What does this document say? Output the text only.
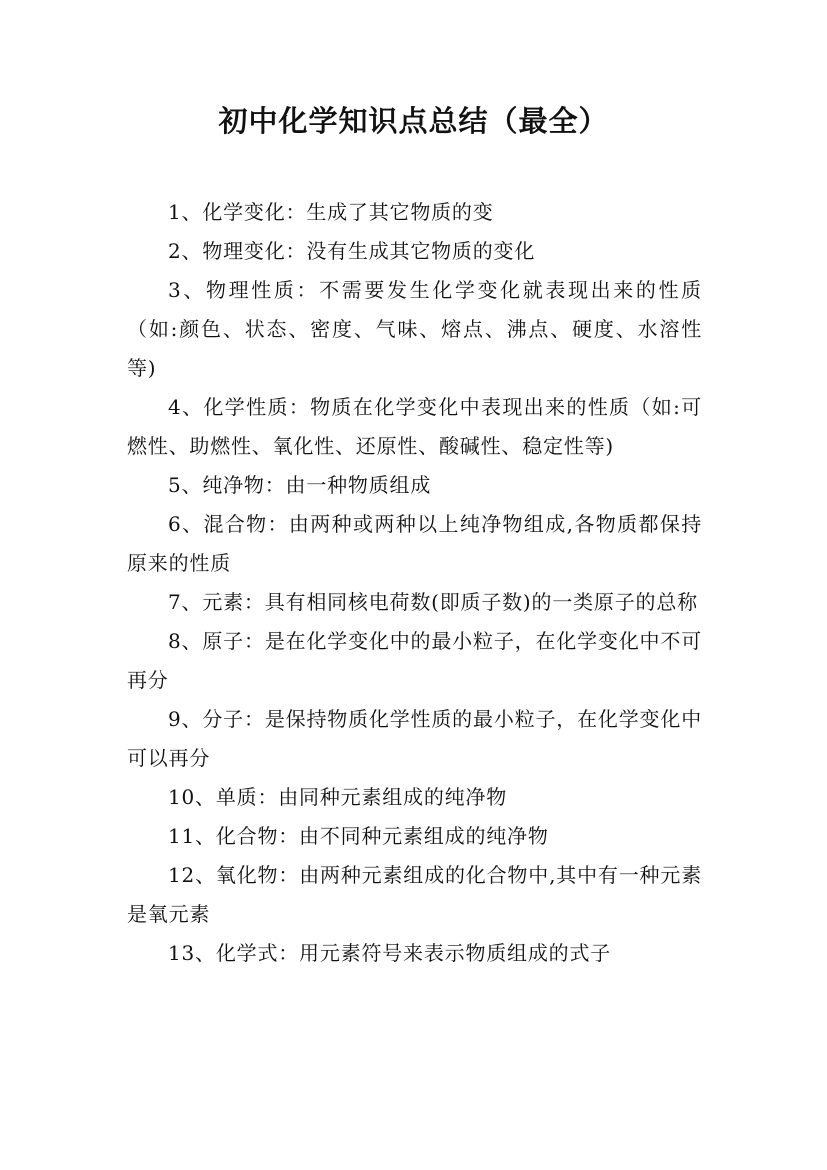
初中化学知识点总结（最全）

1、化学变化：生成了其它物质的变

2、物理变化：没有生成其它物质的变化

3、物理性质：不需要发生化学变化就表现出来的性质（如:颜色、状态、密度、气味、熔点、沸点、硬度、水溶性等)

4、化学性质：物质在化学变化中表现出来的性质（如:可燃性、助燃性、氧化性、还原性、酸碱性、稳定性等)

5、纯净物：由一种物质组成

6、混合物：由两种或两种以上纯净物组成,各物质都保持原来的性质

7、元素：具有相同核电荷数(即质子数)的一类原子的总称

8、原子：是在化学变化中的最小粒子，在化学变化中不可再分

9、分子：是保持物质化学性质的最小粒子，在化学变化中可以再分

10、单质：由同种元素组成的纯净物

11、化合物：由不同种元素组成的纯净物

12、氧化物：由两种元素组成的化合物中,其中有一种元素是氧元素

13、化学式：用元素符号来表示物质组成的式子
